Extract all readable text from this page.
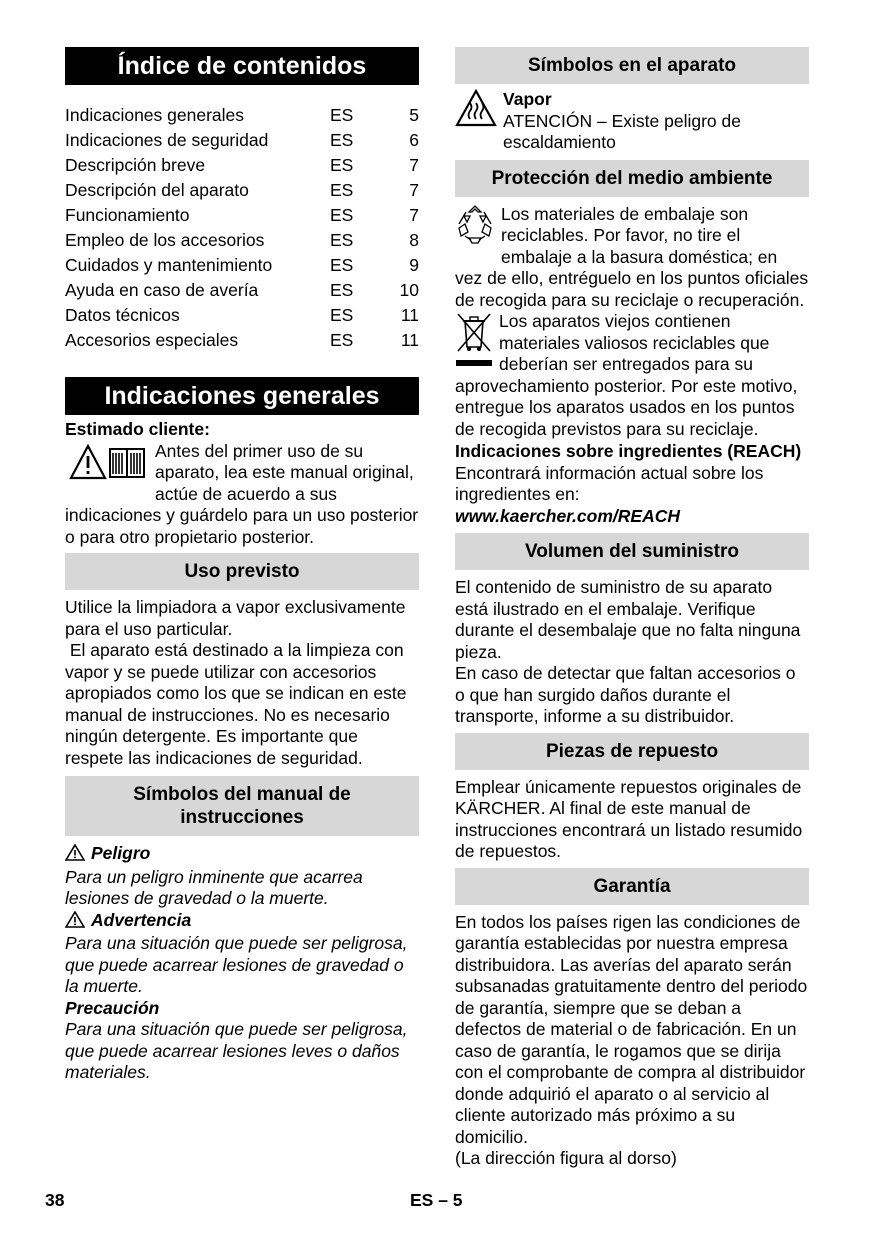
Índice de contenidos
Indicaciones generales	ES	5
Indicaciones de seguridad	ES	6
Descripción breve	ES	7
Descripción del aparato	ES	7
Funcionamiento	ES	7
Empleo de los accesorios	ES	8
Cuidados y mantenimiento	ES	9
Ayuda en caso de avería	ES	10
Datos técnicos	ES	11
Accesorios especiales	ES	11
Indicaciones generales

Estimado cliente:

Antes del primer uso de su aparato, lea este manual original, actúe de acuerdo a sus indicaciones y guárdelo para un uso posterior o para otro propietario posterior.
Uso previsto

Utilice la limpiadora a vapor exclusivamente para el uso particular.

El aparato está destinado a la limpieza con vapor y se puede utilizar con accesorios apropiados como los que se indican en este manual de instrucciones. No es necesario ningún detergente. Es importante que respete las indicaciones de seguridad.

Símbolos del manual de instrucciones

Peligro

Para un peligro inminente que acarrea lesiones de gravedad o la muerte.

Advertencia

Para una situación que puede ser peligrosa, que puede acarrear lesiones de gravedad o la muerte.

Precaución

Para una situación que puede ser peligrosa, que puede acarrear lesiones leves o daños materiales.

Símbolos en el aparato

Vapor

ATENCIÓN – Existe peligro de escaldamiento
Protección del medio ambiente
Los materiales de embalaje son reciclables. Por favor, no tire el embalaje a la basura doméstica; en vez de ello, entréguelo en los puntos oficiales de recogida para su reciclaje o recuperación.
Los aparatos viejos contienen materiales valiosos reciclables que deberían ser entregados para su aprovechamiento posterior. Por este motivo, entregue los aparatos usados en los puntos de recogida previstos para su reciclaje.

Indicaciones sobre ingredientes (REACH)

Encontrará información actual sobre los ingredientes en:

www.kaercher.com/REACH

Volumen del suministro

El contenido de suministro de su aparato está ilustrado en el embalaje. Verifique durante el desembalaje que no falta ninguna pieza.

En caso de detectar que faltan accesorios o o que han surgido daños durante el transporte, informe a su distribuidor.

Piezas de repuesto

Emplear únicamente repuestos originales de KÄRCHER. Al final de este manual de instrucciones encontrará un listado resumido de repuestos.

Garantía

En todos los países rigen las condiciones de garantía establecidas por nuestra empresa distribuidora. Las averías del aparato serán subsanadas gratuitamente dentro del periodo de garantía, siempre que se deban a defectos de material o de fabricación. En un caso de garantía, le rogamos que se dirija con el comprobante de compra al distribuidor donde adquirió el aparato o al servicio al cliente autorizado más próximo a su domicilio.

(La dirección figura al dorso)

38	ES – 5
